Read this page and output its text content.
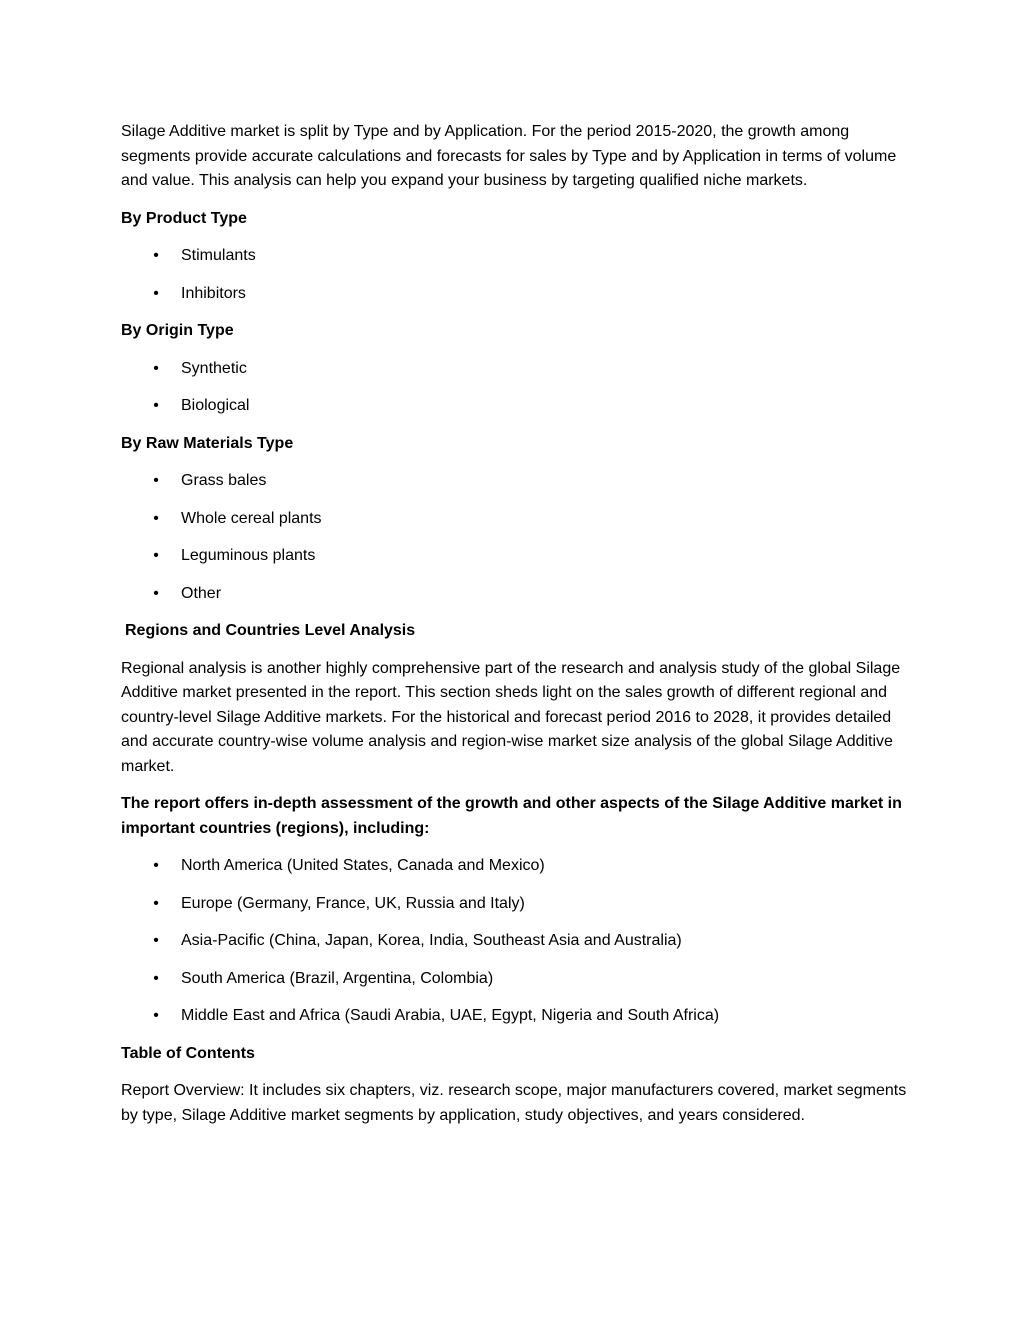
Silage Additive market is split by Type and by Application. For the period 2015-2020, the growth among segments provide accurate calculations and forecasts for sales by Type and by Application in terms of volume and value. This analysis can help you expand your business by targeting qualified niche markets.

By Product Type
• Stimulants
• Inhibitors
By Origin Type
• Synthetic
• Biological
By Raw Materials Type
• Grass bales
• Whole cereal plants
• Leguminous plants
• Other
Regions and Countries Level Analysis

Regional analysis is another highly comprehensive part of the research and analysis study of the global Silage Additive market presented in the report. This section sheds light on the sales growth of different regional and country-level Silage Additive markets. For the historical and forecast period 2016 to 2028, it provides detailed and accurate country-wise volume analysis and region-wise market size analysis of the global Silage Additive market.

The report offers in-depth assessment of the growth and other aspects of the Silage Additive market in important countries (regions), including:
• North America (United States, Canada and Mexico)
• Europe (Germany, France, UK, Russia and Italy)
• Asia-Pacific (China, Japan, Korea, India, Southeast Asia and Australia)
• South America (Brazil, Argentina, Colombia)
• Middle East and Africa (Saudi Arabia, UAE, Egypt, Nigeria and South Africa)
Table of Contents

Report Overview: It includes six chapters, viz. research scope, major manufacturers covered, market segments by type, Silage Additive market segments by application, study objectives, and years considered.
